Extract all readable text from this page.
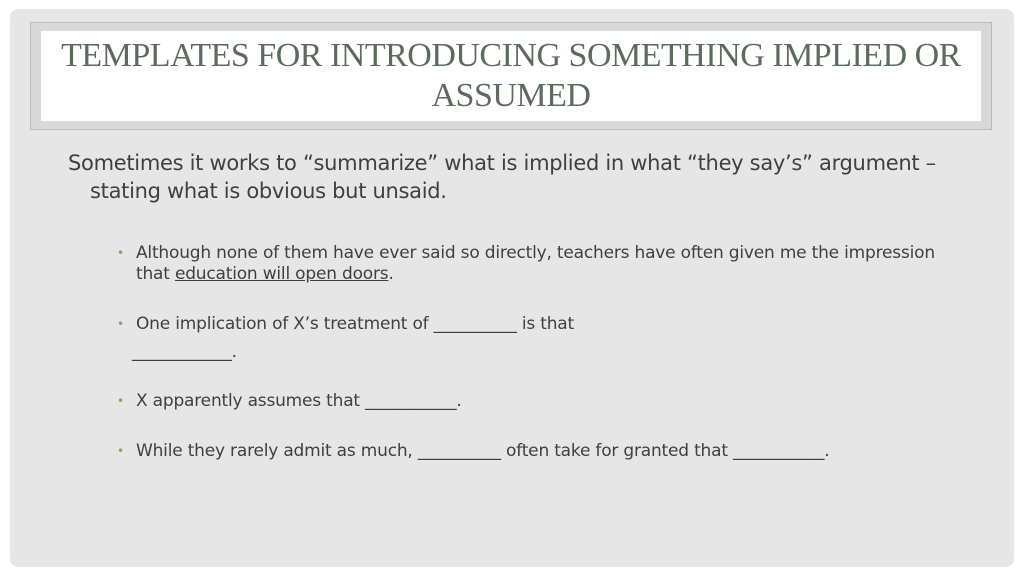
TEMPLATES FOR INTRODUCING SOMETHING IMPLIED OR ASSUMED
Sometimes it works to “summarize” what is implied in what “they say’s” argument – stating what is obvious but unsaid.
• Although none of them have ever said so directly, teachers have often given me the impression that education will open doors.
• One implication of X’s treatment of __________ is that
____________.
• X apparently assumes that ___________.
• While they rarely admit as much, __________ often take for granted that ___________.
